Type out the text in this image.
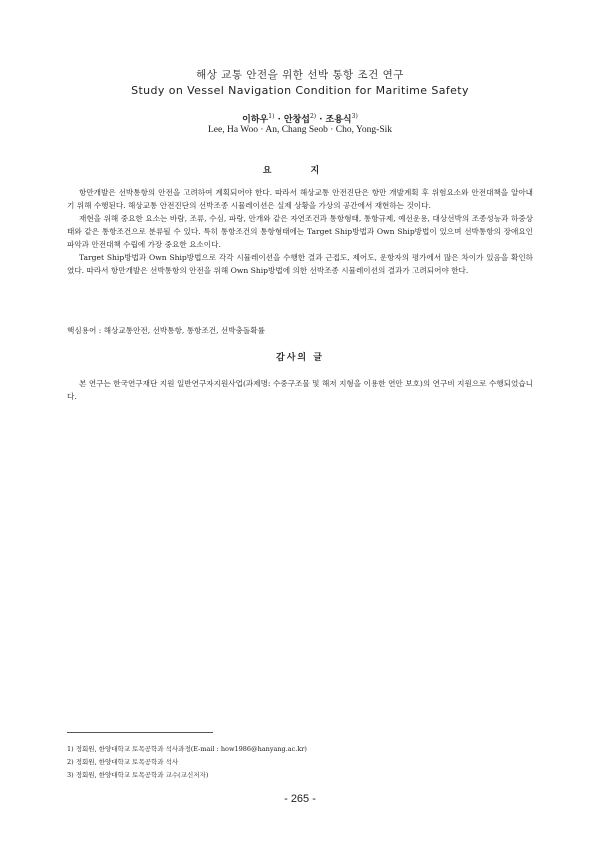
해상 교통 안전을 위한 선박 통항 조건 연구
Study on Vessel Navigation Condition for Maritime Safety
이하우$^{1)}$ · 안창섭$^{2)}$ · 조용식$^{3)}$
Lee, Ha Woo · An, Chang Seob · Cho, Yong-Sik
요 지

항만개발은 선박통항의 안전을 고려하여 계획되어야 한다. 따라서 해상교통 안전진단은 항만 개발계획 후 위험요소와 안전대책을 알아내기 위해 수행된다. 해상교통 안전진단의 선박조종 시뮬레이션은 실제 상황을 가상의 공간에서 재현하는 것이다.

재현을 위해 중요한 요소는 바람, 조류, 수심, 파랑, 안개와 같은 자연조건과 통항형태, 통항규제, 예선운용, 대상선박의 조종성능과 하중상태와 같은 통항조건으로 분류될 수 있다. 특히 통항조건의 통항형태에는 Target Ship방법과 Own Ship방법이 있으며 선박통항의 장애요인 파악과 안전대책 수립에 가장 중요한 요소이다.

Target Ship방법과 Own Ship방법으로 각각 시뮬레이션을 수행한 결과 근접도, 제어도, 운항자의 평가에서 많은 차이가 있음을 확인하였다. 따라서 항만개발은 선박통항의 안전을 위해 Own Ship방법에 의한 선박조종 시뮬레이션의 결과가 고려되어야 한다.

핵심용어 : 해상교통안전, 선박통항, 통항조건, 선박충돌확률
감사의 글

본 연구는 한국연구재단 지원 일반연구자지원사업(과제명: 수중구조물 및 해저 지형을 이용한 연안 보호)의 연구비 지원으로 수행되었습니다.

1) 정회원, 한양대학교 토목공학과 석사과정(E-mail : how1986@hanyang.ac.kr)
2) 정회원, 한양대학교 토목공학과 석사
3) 정회원, 한양대학교 토목공학과 교수(교신저자)
- 265 -
